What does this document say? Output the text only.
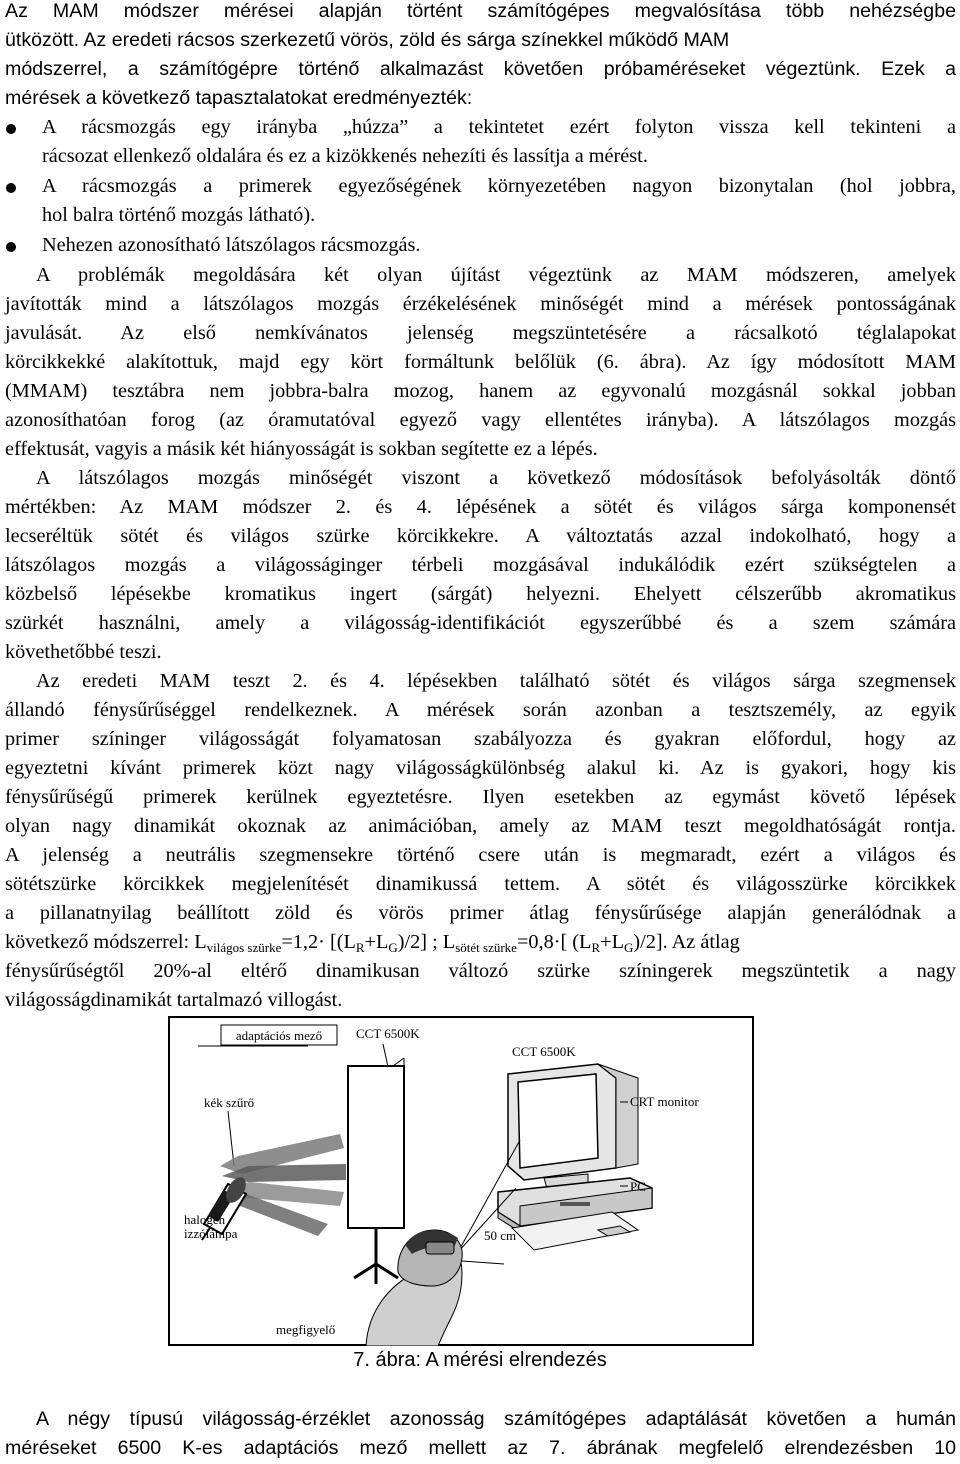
Az MAM módszer mérései alapján történt számítógépes megvalósítása több nehézségbe
ütközött. Az eredeti rácsos szerkezetű vörös, zöld és sárga színekkel működő MAM
módszerrel, a számítógépre történő alkalmazást követően próbaméréseket végeztünk. Ezek a
mérések a következő tapasztalatokat eredményezték:
A rácsmozgás egy irányba „húzza” a tekintetet ezért folyton vissza kell tekinteni a
rácsozat ellenkező oldalára és ez a kizökkenés nehezíti és lassítja a mérést.
A rácsmozgás a primerek egyezőségének környezetében nagyon bizonytalan (hol jobbra,
hol balra történő mozgás látható).
Nehezen azonosítható látszólagos rácsmozgás.
A problémák megoldására két olyan újítást végeztünk az MAM módszeren, amelyek
javították mind a látszólagos mozgás érzékelésének minőségét mind a mérések pontosságának
javulását. Az első nemkívánatos jelenség megszüntetésére a rácsalkotó téglalapokat
körcikkekké alakítottuk, majd egy kört formáltunk belőlük (6. ábra). Az így módosított MAM
(MMAM) tesztábra nem jobbra-balra mozog, hanem az egyvonalú mozgásnál sokkal jobban
azonosíthatóan forog (az óramutatóval egyező vagy ellentétes irányba). A látszólagos mozgás
effektusát, vagyis a másik két hiányosságát is sokban segítette ez a lépés.
A látszólagos mozgás minőségét viszont a következő módosítások befolyásolták döntő
mértékben: Az MAM módszer 2. és 4. lépésének a sötét és világos sárga komponensét
lecseréltük sötét és világos szürke körcikkekre. A változtatás azzal indokolható, hogy a
látszólagos mozgás a világosságinger térbeli mozgásával indukálódik ezért szükségtelen a
közbelső lépésekbe kromatikus ingert (sárgát) helyezni. Ehelyett célszerűbb akromatikus
szürkét használni, amely a világosság-identifikációt egyszerűbbé és a szem számára
követhetőbbé teszi.
Az eredeti MAM teszt 2. és 4. lépésekben található sötét és világos sárga szegmensek
állandó fénysűrűséggel rendelkeznek. A mérések során azonban a tesztszemély, az egyik
primer színinger világosságát folyamatosan szabályozza és gyakran előfordul, hogy az
egyeztetni kívánt primerek közt nagy világosságkülönbség alakul ki. Az is gyakori, hogy kis
fénysűrűségű primerek kerülnek egyeztetésre. Ilyen esetekben az egymást követő lépések
olyan nagy dinamikát okoznak az animációban, amely az MAM teszt megoldhatóságát rontja.
A jelenség a neutrális szegmensekre történő csere után is megmaradt, ezért a világos és
sötétszürke körcikkek megjelenítését dinamikussá tettem. A sötét és világosszürke körcikkek
a pillanatnyilag beállított zöld és vörös primer átlag fénysűrűsége alapján generálódnak a
következő módszerrel: Lvilágos szürke=1,2· [(LR+LG)/2] ; Lsötét szürke=0,8·[ (LR+LG)/2]. Az átlag
fénysűrűségtől 20%-al eltérő dinamikusan változó szürke színingerek megszüntetik a nagy
világosságdinamikát tartalmazó villogást.
adaptációs mező	CCT 6500K
CCT 6500K
kék szűrő
halogén
izzólámpa
CRT monitor
PC
50 cm
megfigyelő
7. ábra: A mérési elrendezés
A négy típusú világosság-érzéklet azonosság számítógépes adaptálását követően a humán
méréseket 6500 K-es adaptációs mező mellett az 7. ábrának megfelelő elrendezésben 10
